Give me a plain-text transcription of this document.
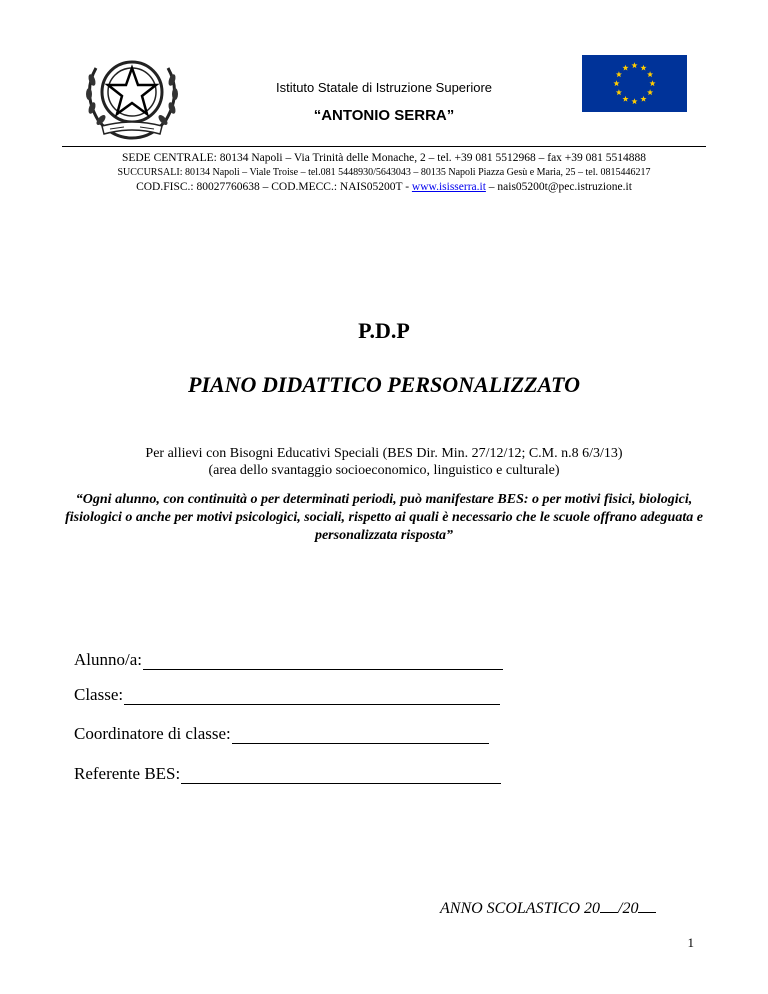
Istituto Statale di Istruzione Superiore
“ANTONIO SERRA”
SEDE CENTRALE: 80134 Napoli – Via Trinità delle Monache, 2 – tel. +39 081 5512968 – fax +39 081 5514888
SUCCURSALI: 80134 Napoli – Viale Troise – tel.081 5448930/5643043 – 80135 Napoli Piazza Gesù e Maria, 25 – tel. 0815446217
COD.FISC.: 80027760638 – COD.MECC.: NAIS05200T - www.isisserra.it – nais05200t@pec.istruzione.it
P.D.P
PIANO DIDATTICO PERSONALIZZATO
Per allievi con Bisogni Educativi Speciali (BES Dir. Min. 27/12/12; C.M. n.8 6/3/13)
(area dello svantaggio socioeconomico, linguistico e culturale)
“Ogni alunno, con continuità o per determinati periodi, può manifestare BES: o per motivi fisici, biologici, fisiologici o anche per motivi psicologici, sociali, rispetto ai quali è necessario che le scuole offrano adeguata e personalizzata risposta”
Alunno/a:
Classe:
Coordinatore di classe:
Referente BES:
ANNO SCOLASTICO 20 /20
1
